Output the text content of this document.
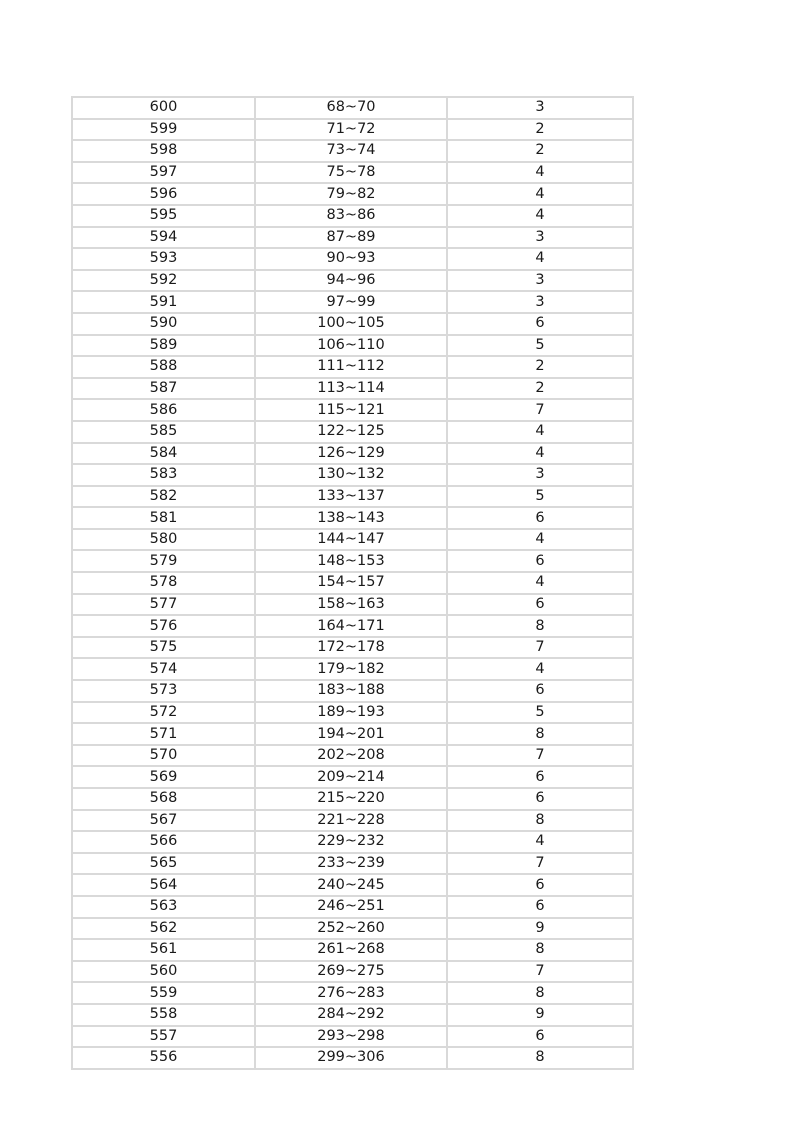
600	68~70	3
599	71~72	2
598	73~74	2
597	75~78	4
596	79~82	4
595	83~86	4
594	87~89	3
593	90~93	4
592	94~96	3
591	97~99	3
590	100~105	6
589	106~110	5
588	111~112	2
587	113~114	2
586	115~121	7
585	122~125	4
584	126~129	4
583	130~132	3
582	133~137	5
581	138~143	6
580	144~147	4
579	148~153	6
578	154~157	4
577	158~163	6
576	164~171	8
575	172~178	7
574	179~182	4
573	183~188	6
572	189~193	5
571	194~201	8
570	202~208	7
569	209~214	6
568	215~220	6
567	221~228	8
566	229~232	4
565	233~239	7
564	240~245	6
563	246~251	6
562	252~260	9
561	261~268	8
560	269~275	7
559	276~283	8
558	284~292	9
557	293~298	6
556	299~306	8
